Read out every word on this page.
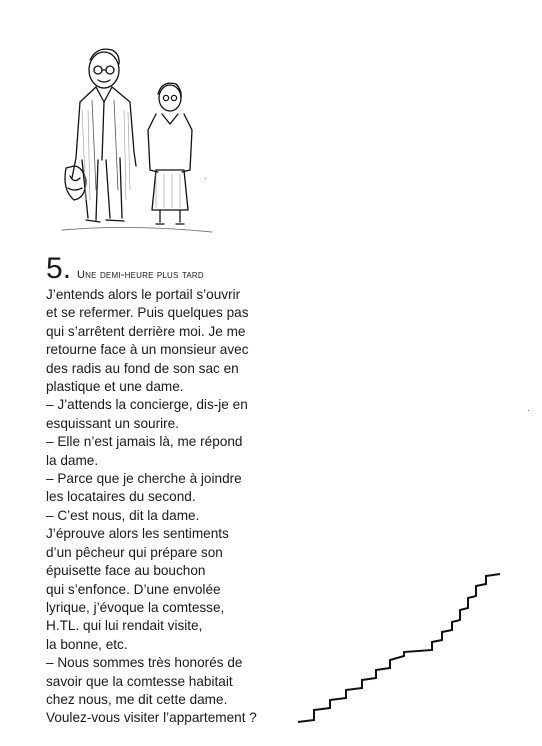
5 . Une demi-heure plus tard

J’entends alors le portail s’ouvrir
et se refermer. Puis quelques pas
qui s’arrêtent derrière moi. Je me
retourne face à un monsieur avec
des radis au fond de son sac en
plastique et une dame.
– J’attends la concierge, dis-je en
esquissant un sourire.
– Elle n’est jamais là, me répond
la dame.
– Parce que je cherche à joindre
les locataires du second.
– C’est nous, dit la dame.
J’éprouve alors les sentiments
d’un pêcheur qui prépare son
épuisette face au bouchon
qui s’enfonce. D’une envolée
lyrique, j’évoque la comtesse,
H.TL. qui lui rendait visite,
la bonne, etc.
– Nous sommes très honorés de
savoir que la comtesse habitait
chez nous, me dit cette dame.
Voulez-vous visiter l’appartement ?
